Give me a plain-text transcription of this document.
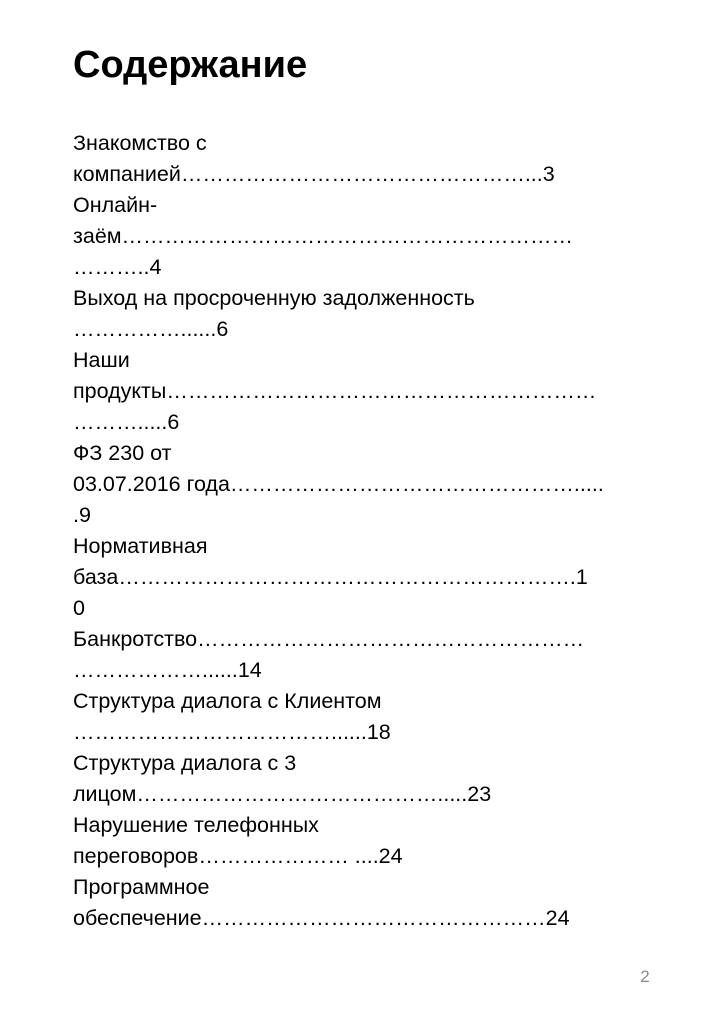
Содержание
Знакомство с
компанией…………………………………………...3
Онлайн-
заём………………………………………………………
………..4
Выход на просроченную задолженность
……………......6
Наши
продукты……………………………………………………
……….....6
ФЗ 230 от
03.07.2016 года………………………………………….....
.9
Нормативная
база……………………………………………………….1
0
Банкротство………………………………………………
………………......14
Структура диалога с Клиентом
………………………………......18
Структура диалога с 3
лицом…………………………………….....23
Нарушение телефонных
переговоров………………… ....24
Программное
обеспечение…………………………………………24
2
